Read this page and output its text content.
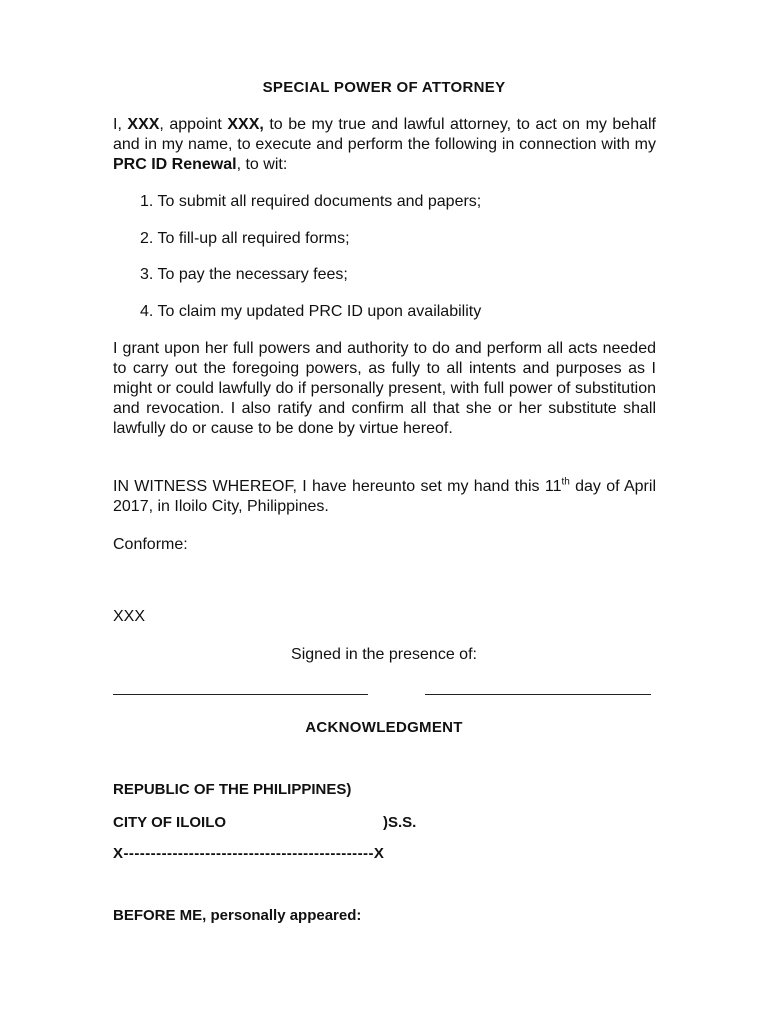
SPECIAL POWER OF ATTORNEY
I, XXX, appoint XXX, to be my true and lawful attorney, to act on my behalf and in my name, to execute and perform the following in connection with my PRC ID Renewal, to wit:
1. To submit all required documents and papers;
2. To fill-up all required forms;
3. To pay the necessary fees;
4. To claim my updated PRC ID upon availability
I grant upon her full powers and authority to do and perform all acts needed to carry out the foregoing powers, as fully to all intents and purposes as I might or could lawfully do if personally present, with full power of substitution and revocation. I also ratify and confirm all that she or her substitute shall lawfully do or cause to be done by virtue hereof.
IN WITNESS WHEREOF, I have hereunto set my hand this 11th day of April 2017, in Iloilo City, Philippines.
Conforme:
XXX
Signed in the presence of:
ACKNOWLEDGMENT
REPUBLIC OF THE PHILIPPINES)
CITY OF ILOILO	)S.S.
X----------------------------------------------X
BEFORE ME, personally appeared:
